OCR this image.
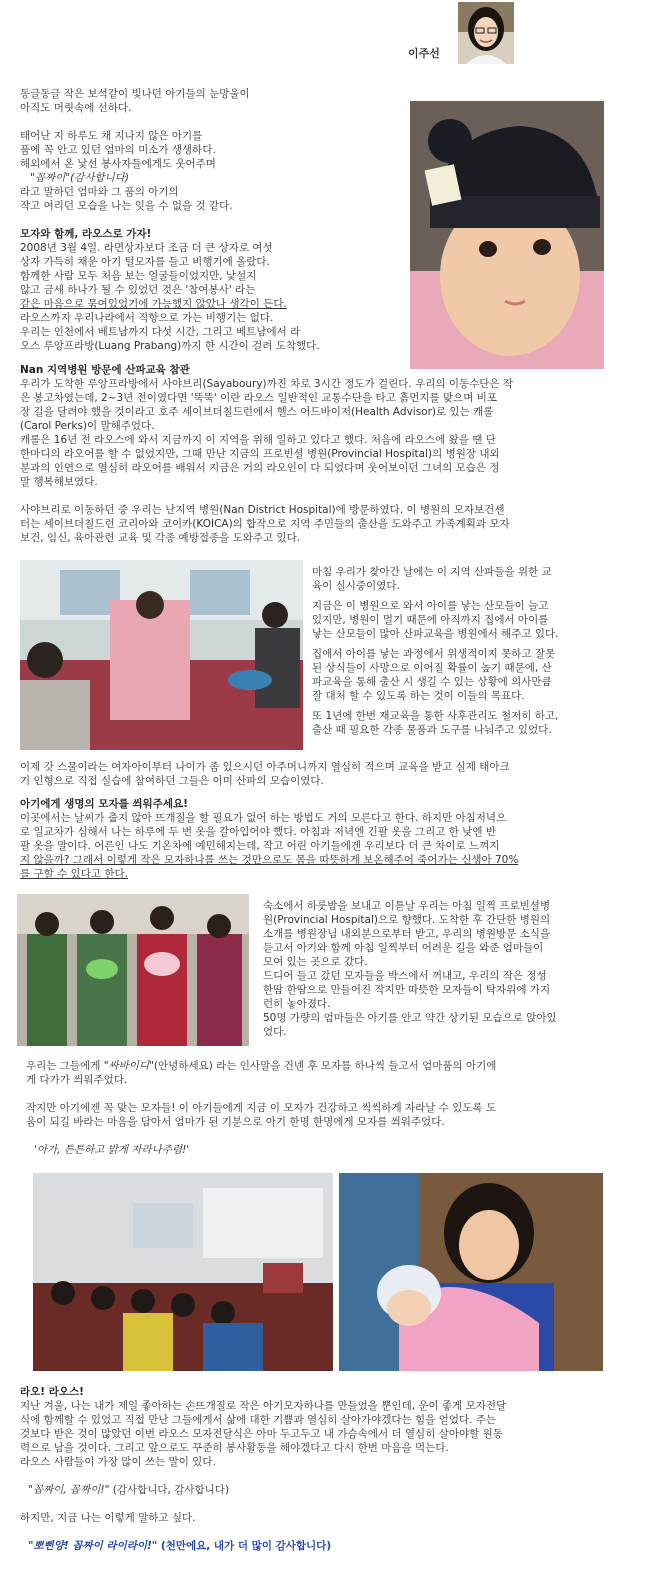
이주선

동글동글 작은 보석같이 빛나던 아기들의 눈망울이

아직도 머릿속에 선하다.

태어난 지 하루도 채 지나지 않은 아기를

품에 꼭 안고 있던 엄마의 미소가 생생하다.

해외에서 온 낯선 봉사자들에게도 웃어주며

"꼽짜이"(감사합니다)

라고 말하던 엄마와 그 품의 아기의

작고 여리던 모습을 나는 잊을 수 없을 것 같다.

모자와 함께, 라오스로 가자!

2008년 3월 4일. 라면상자보다 조금 더 큰 상자로 여섯

상자 가득히 채운 아기 털모자를 들고 비행기에 올랐다.

함께한 사람 모두 처음 보는 얼굴들이었지만, 낯설지

않고 금세 하나가 될 수 있었던 것은 '참여봉사' 라는

같은 마음으로 묶여있었기에 가능했지 않았나 생각이 든다.

라오스까지 우리나라에서 직항으로 가는 비행기는 없다.

우리는 인천에서 베트남까지 다섯 시간, 그리고 베트남에서 라

오스 루앙프라방(Luang Prabang)까지 한 시간이 걸려 도착했다.

Nan 지역병원 방문에 산파교육 참관

우리가 도착한 루앙프라방에서 사야브리(Sayaboury)까진 차로 3시간 정도가 걸린다. 우리의 이동수단은 작

은 봉고차였는데, 2~3년 전이였다면 '뚝뚝' 이란 라오스 일반적인 교통수단을 타고 흙먼지를 맞으며 비포

장 길을 달려야 했을 것이라고 호주 세이브더칠드런에서 헬스 어드바이저(Health Advisor)로 있는 캐롤

(Carol Perks)이 말해주었다.

캐롤은 16년 전 라오스에 와서 지금까지 이 지역을 위해 일하고 있다고 했다. 처음에 라오스에 왔을 땐 단

한마디의 라오어를 할 수 없었지만, 그때 만난 지금의 프로빈셜 병원(Provincial Hospital)의 병원장 내외

분과의 인연으로 열심히 라오어를 배워서 지금은 거의 라오인이 다 되었다며 웃어보이던 그녀의 모습은 정

말 행복해보였다.

사야브리로 이동하던 중 우리는 난지역 병원(Nan District Hospital)에 방문하였다. 이 병원의 모자보건센

터는 세이브더칠드런 코리아와 코이카(KOICA)의 합작으로 지역 주민들의 출산을 도와주고 가족계획과 모자

보건, 임신, 육아관련 교육 및 각종 예방접종을 도와주고 있다.

마침 우리가 찾아간 날에는 이 지역 산파들을 위한 교

육이 실시중이였다.

지금은 이 병원으로 와서 아이를 낳는 산모들이 늘고

있지만, 병원이 멀기 때문에 아직까지 집에서 아이를

낳는 산모들이 많아 산파교육을 병원에서 해주고 있다.

집에서 아이를 낳는 과정에서 위생적이지 못하고 잘못

된 상식들이 사망으로 이어질 확률이 높기 때문에, 산

파교육을 통해 출산 시 생길 수 있는 상황에 의사만큼

잘 대처 할 수 있도록 하는 것이 이들의 목표다.

또 1년에 한번 재교육을 통한 사후관리도 철저히 하고,

출산 때 필요한 각종 물품과 도구를 나눠주고 있었다.

이제 갓 스물이라는 여자아이부터 나이가 좀 있으시던 아주머니까지 열심히 적으며 교육을 받고 실제 태아크

기 인형으로 직접 실습에 참여하던 그들은 이미 산파의 모습이였다.

아기에게 생명의 모자를 씌워주세요!

이곳에서는 날씨가 춥지 않아 뜨개질을 할 필요가 없어 하는 방법도 거의 모른다고 한다. 하지만 아침저녁으

로 일교차가 심해서 나는 하루에 두 번 옷을 갈아입어야 했다. 아침과 저녁엔 긴팔 옷을 그리고 한 낮엔 반

팔 옷을 말이다. 어른인 나도 기온차에 예민해지는데, 작고 어린 아기들에겐 우리보다 더 큰 차이로 느껴지

지 않을까? 그래서 이렇게 작은 모자하나를 쓰는 것만으로도 몸을 따뜻하게 보온해주어 죽어가는 신생아 70%

를 구할 수 있다고 한다.

숙소에서 하룻밤을 보내고 이튿날 우리는 아침 일찍 프로빈셜병

원(Provincial Hospital)으로 향했다. 도착한 후 간단한 병원의

소개를 병원장님 내외분으로부터 받고, 우리의 병원방문 소식을

듣고서 아기와 함께 아침 일찍부터 어려운 길을 와준 엄마들이

모여 있는 곳으로 갔다.

드디어 들고 갔던 모자들을 박스에서 꺼내고, 우리의 작은 정성

한땀 한땀으로 만들어진 작지만 따뜻한 모자들이 탁자위에 가지

런히 놓아졌다.

50명 가량의 엄마들은 아기를 안고 약간 상기된 모습으로 앉아있

었다.

우리는 그들에게 "싸바이디"(안녕하세요) 라는 인사말을 건넨 후 모자를 하나씩 들고서 엄마품의 아기에

게 다가가 씌워주었다.

작지만 아기에겐 꼭 맞는 모자들! 이 아기들에게 지금 이 모자가 건강하고 씩씩하게 자라날 수 있도록 도

움이 되길 바라는 마음을 담아서 엄마가 된 기분으로 아기 한명 한명에게 모자를 씌워주었다.

'아가, 튼튼하고 밝게 자라나주렴!'

라오! 라오스!

지난 겨울, 나는 내가 제일 좋아하는 손뜨개질로 작은 아기모자하나를 만들었을 뿐인데, 운이 좋게 모자전달

식에 함께할 수 있었고 직접 만난 그들에게서 삶에 대한 기쁨과 열심히 살아가야겠다는 힘을 얻었다. 주는

것보다 받은 것이 많았던 이번 라오스 모자전달식은 아마 두고두고 내 가슴속에서 더 열심히 살아야할 원동

력으로 남을 것이다. 그리고 앞으로도 꾸준히 봉사활동을 해야겠다고 다시 한번 마음을 먹는다.

라오스 사람들이 가장 많이 쓰는 말이 있다.

"꼽짜이, 꼽짜이!" (감사합니다, 감사합니다)

하지만, 지금 나는 이렇게 말하고 싶다.

"뽀삔양! 꼽짜이 라이라이!" (천만에요, 내가 더 많이 감사합니다)
